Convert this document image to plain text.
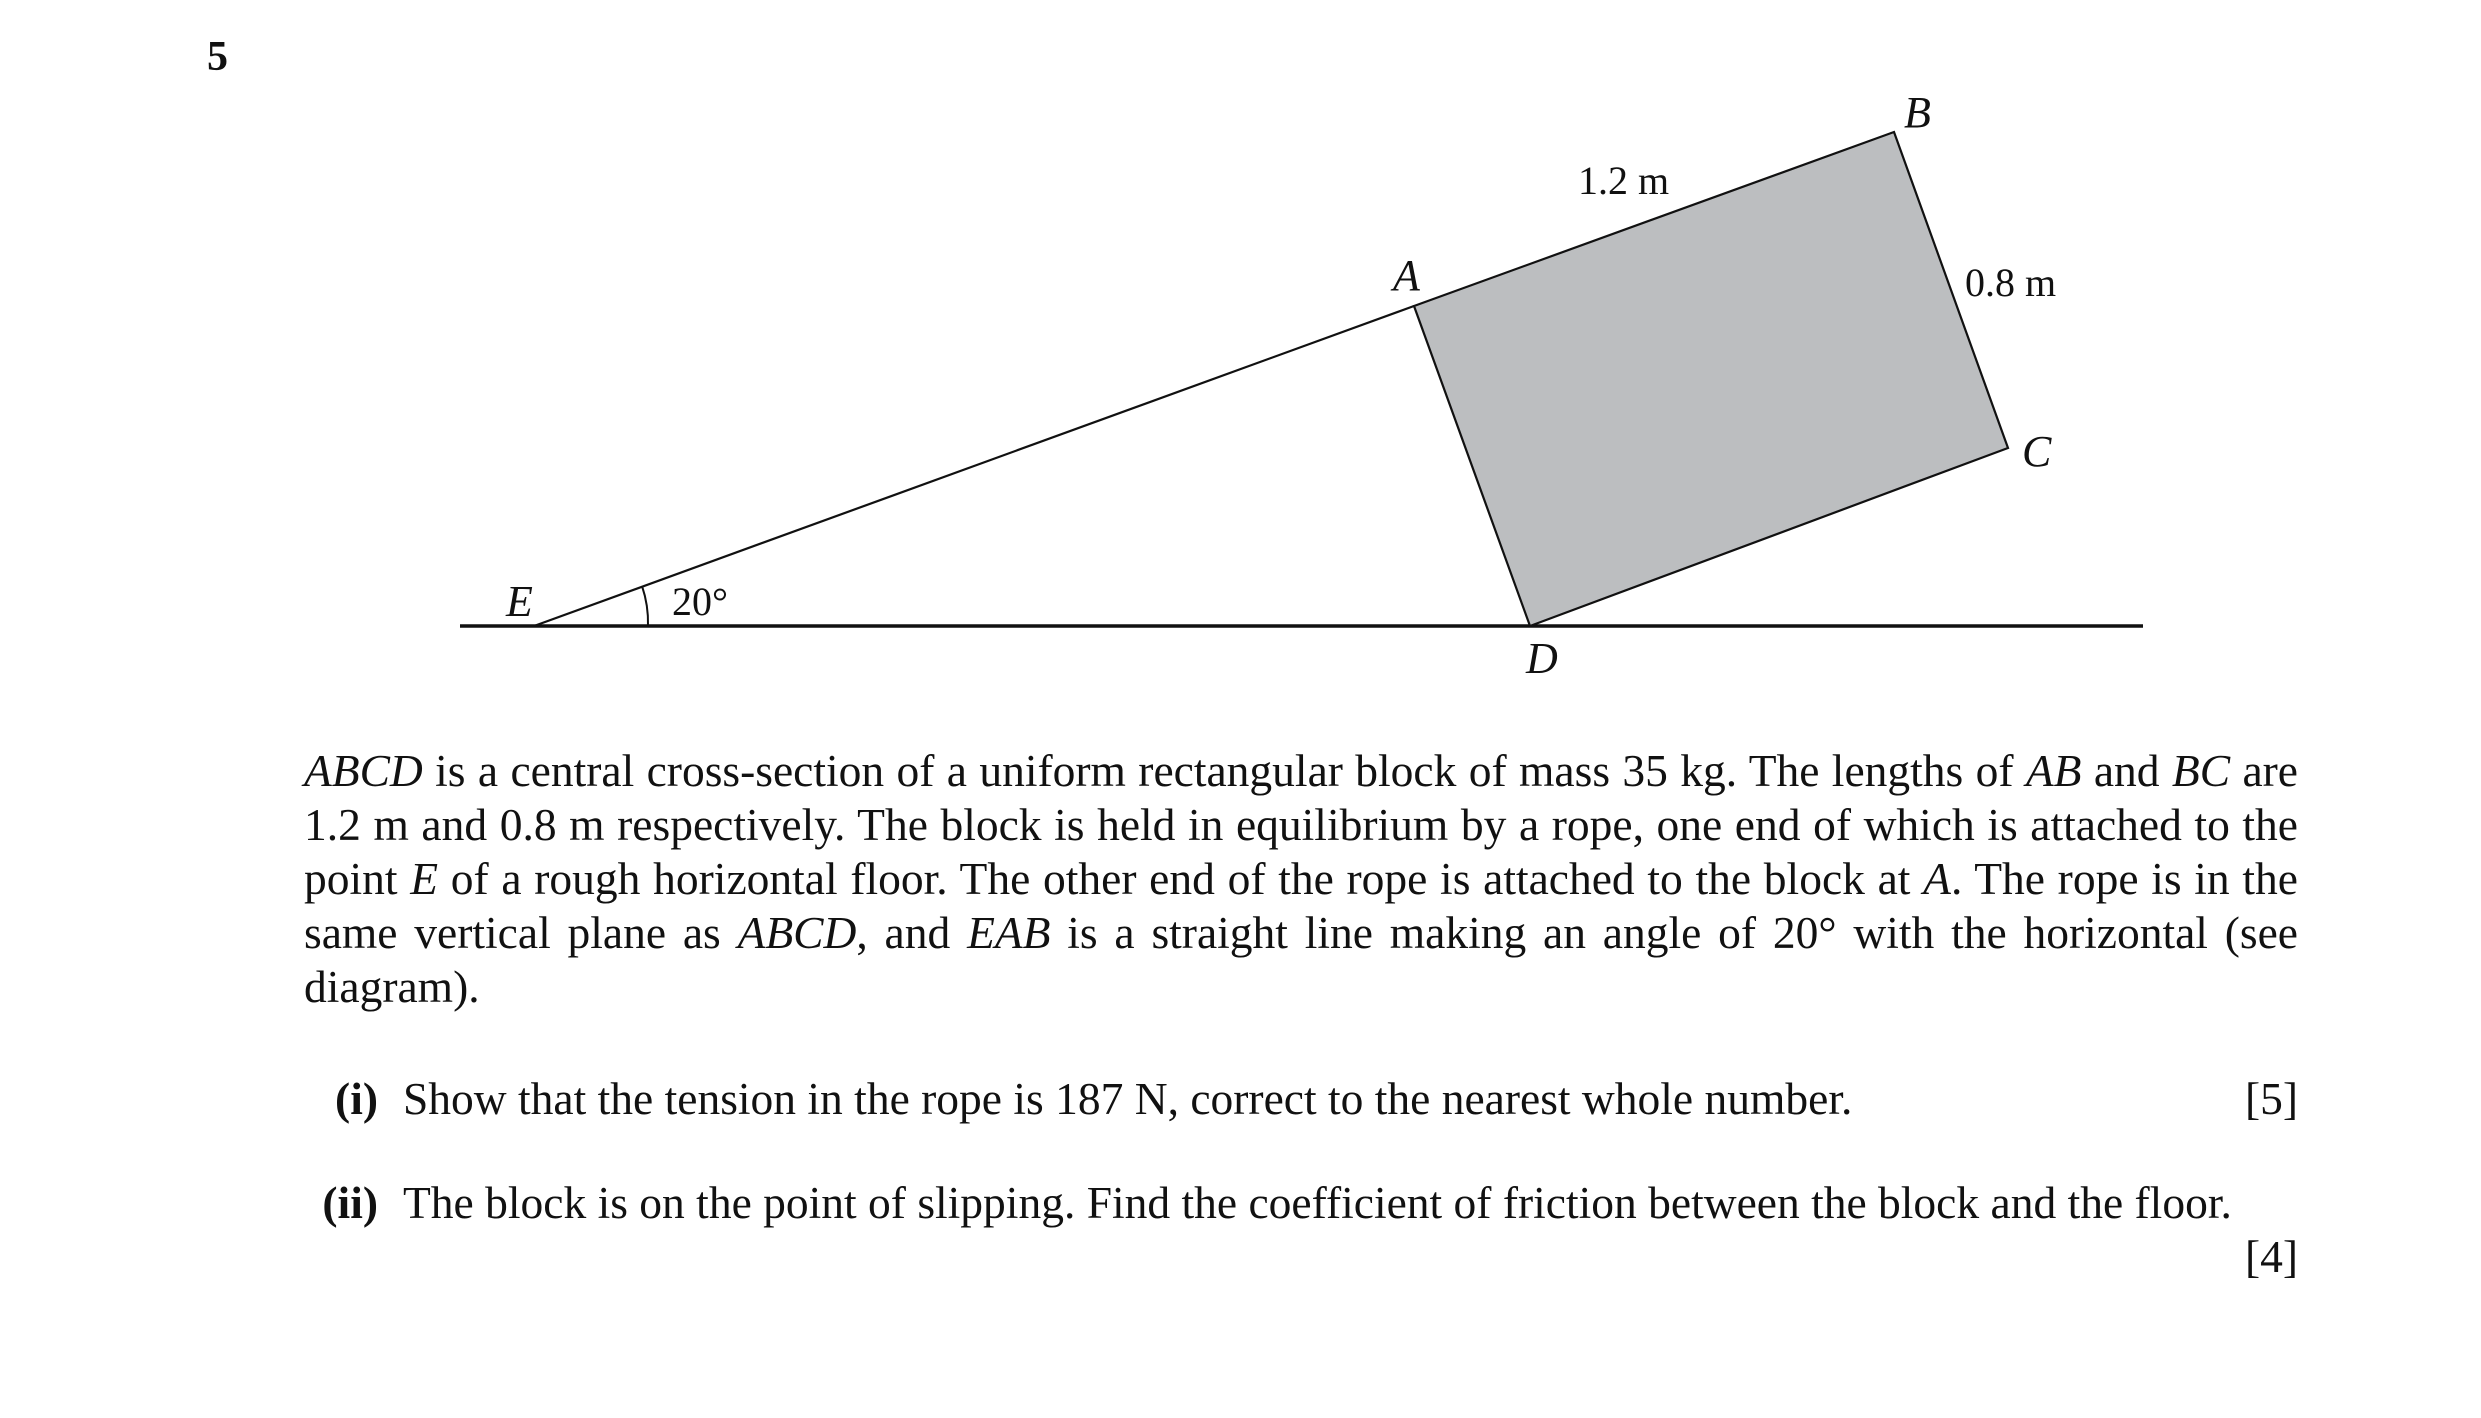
5
E	20°
A
B
C
D
1.2 m
0.8 m
ABCD is a central cross-section of a uniform rectangular block of mass 35 kg. The lengths of AB and BC are 1.2 m and 0.8 m respectively. The block is held in equilibrium by a rope, one end of which is attached to the point E of a rough horizontal floor. The other end of the rope is attached to the block at A. The rope is in the same vertical plane as ABCD, and EAB is a straight line making an angle of 20° with the horizontal (see diagram).
(i) Show that the tension in the rope is 187 N, correct to the nearest whole number.	[5]
(ii) The block is on the point of slipping. Find the coefficient of friction between the block and the floor.
[4]
